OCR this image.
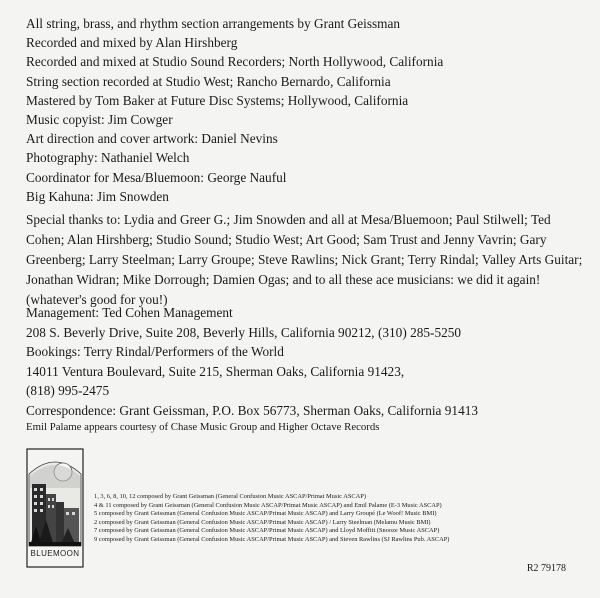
All string, brass, and rhythm section arrangements by Grant Geissman
Recorded and mixed by Alan Hirshberg
Recorded and mixed at Studio Sound Recorders; North Hollywood, California
String section recorded at Studio West; Rancho Bernardo, California
Mastered by Tom Baker at Future Disc Systems; Hollywood, California
Music copyist: Jim Cowger
Art direction and cover artwork: Daniel Nevins
Photography: Nathaniel Welch
Coordinator for Mesa/Bluemoon: George Nauful
Big Kahuna: Jim Snowden
Special thanks to: Lydia and Greer G.; Jim Snowden and all at Mesa/Bluemoon; Paul Stilwell; Ted Cohen; Alan Hirshberg; Studio Sound; Studio West; Art Good; Sam Trust and Jenny Vavrin; Gary Greenberg; Larry Steelman; Larry Groupe; Steve Rawlins; Nick Grant; Terry Rindal; Valley Arts Guitar; Jonathan Widran; Mike Dorrough; Damien Ogas; and to all these ace musicians: we did it again! (whatever's good for you!)
Management: Ted Cohen Management
208 S. Beverly Drive, Suite 208, Beverly Hills, California 90212, (310) 285-5250
Bookings: Terry Rindal/Performers of the World
14011 Ventura Boulevard, Suite 215, Sherman Oaks, California 91423,
(818) 995-2475
Correspondence: Grant Geissman, P.O. Box 56773, Sherman Oaks, California 91413
Emil Palame appears courtesy of Chase Music Group and Higher Octave Records
BLUEMOON
1, 3, 6, 8, 10, 12 composed by Grant Geissman (General Confusion Music ASCAP/Primat Music ASCAP)
4 & 11 composed by Grant Geissman (General Confusion Music ASCAP/Primat Music ASCAP) and Emil Palame (E-3 Music ASCAP)
5 composed by Grant Geissman (General Confusion Music ASCAP/Primat Music ASCAP) and Larry Groupé (Le Woof! Music BMI)
2 composed by Grant Geissman (General Confusion Music ASCAP/Primat Music ASCAP) / Larry Steelman (Melamu Music BMI)
7 composed by Grant Geissman (General Confusion Music ASCAP/Primat Music ASCAP) and Lloyd Moffitt (Snooze Music ASCAP)
9 composed by Grant Geissman (General Confusion Music ASCAP/Primat Music ASCAP) and Steven Rawlins (SJ Rawlins Pub. ASCAP)
R2 79178
